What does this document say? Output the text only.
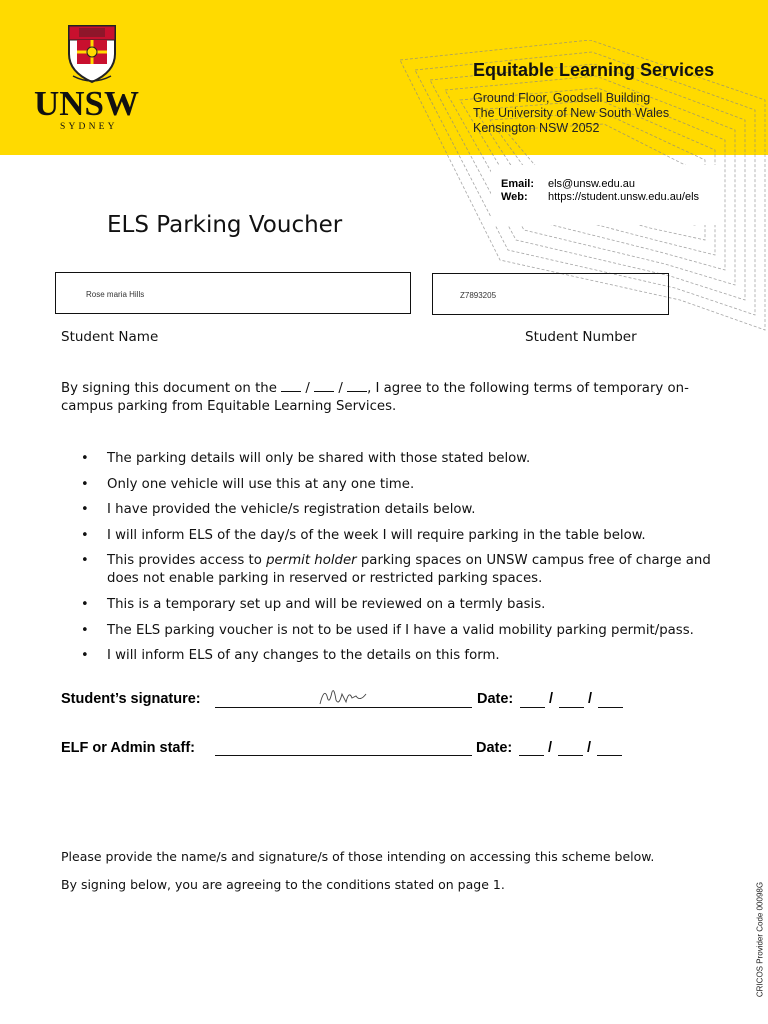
UNSW
SYDNEY
Equitable Learning Services
Ground Floor, Goodsell Building
The University of New South Wales
Kensington NSW 2052
Email: els@unsw.edu.au
Web: https://student.unsw.edu.au/els
ELS Parking Voucher
Rose maria Hills	Z7893205
Student Name	Student Number
By signing this document on the / / , I agree to the following terms of temporary on-campus parking from Equitable Learning Services.
• The parking details will only be shared with those stated below.
• Only one vehicle will use this at any one time.
• I have provided the vehicle/s registration details below.
• I will inform ELS of the day/s of the week I will require parking in the table below.
• This provides access to permit holder parking spaces on UNSW campus free of charge and does not enable parking in reserved or restricted parking spaces.
• This is a temporary set up and will be reviewed on a termly basis.
• The ELS parking voucher is not to be used if I have a valid mobility parking permit/pass.
• I will inform ELS of any changes to the details on this form.
Student’s signature:	Date: / /
ELF or Admin staff:	Date: / /
Please provide the name/s and signature/s of those intending on accessing this scheme below.
By signing below, you are agreeing to the conditions stated on page 1.	CRICOS Provider Code 00098G
